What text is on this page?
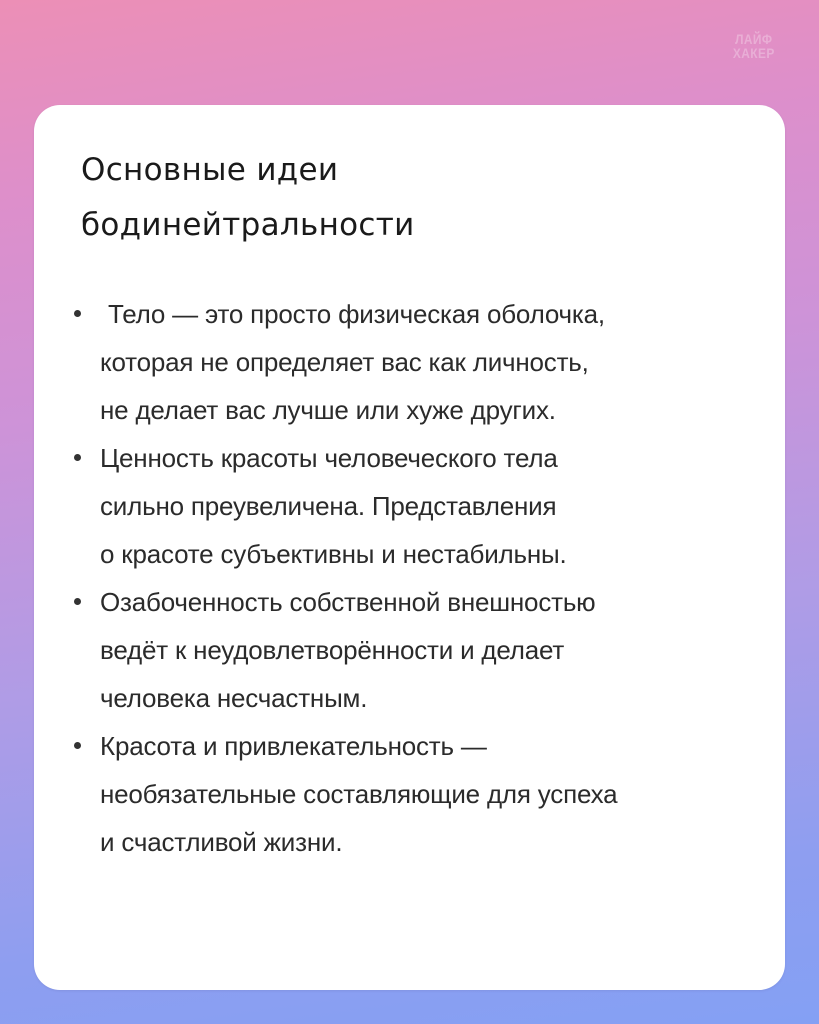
ЛАЙФ
ХАКЕР
Основные идеи
бодинейтральности
Тело — это просто физическая оболочка,
которая не определяет вас как личность,
не делает вас лучше или хуже других.
Ценность красоты человеческого тела
сильно преувеличена. Представления
о красоте субъективны и нестабильны.
Озабоченность собственной внешностью
ведёт к неудовлетворённости и делает
человека несчастным.
Красота и привлекательность —
необязательные составляющие для успеха
и счастливой жизни.
